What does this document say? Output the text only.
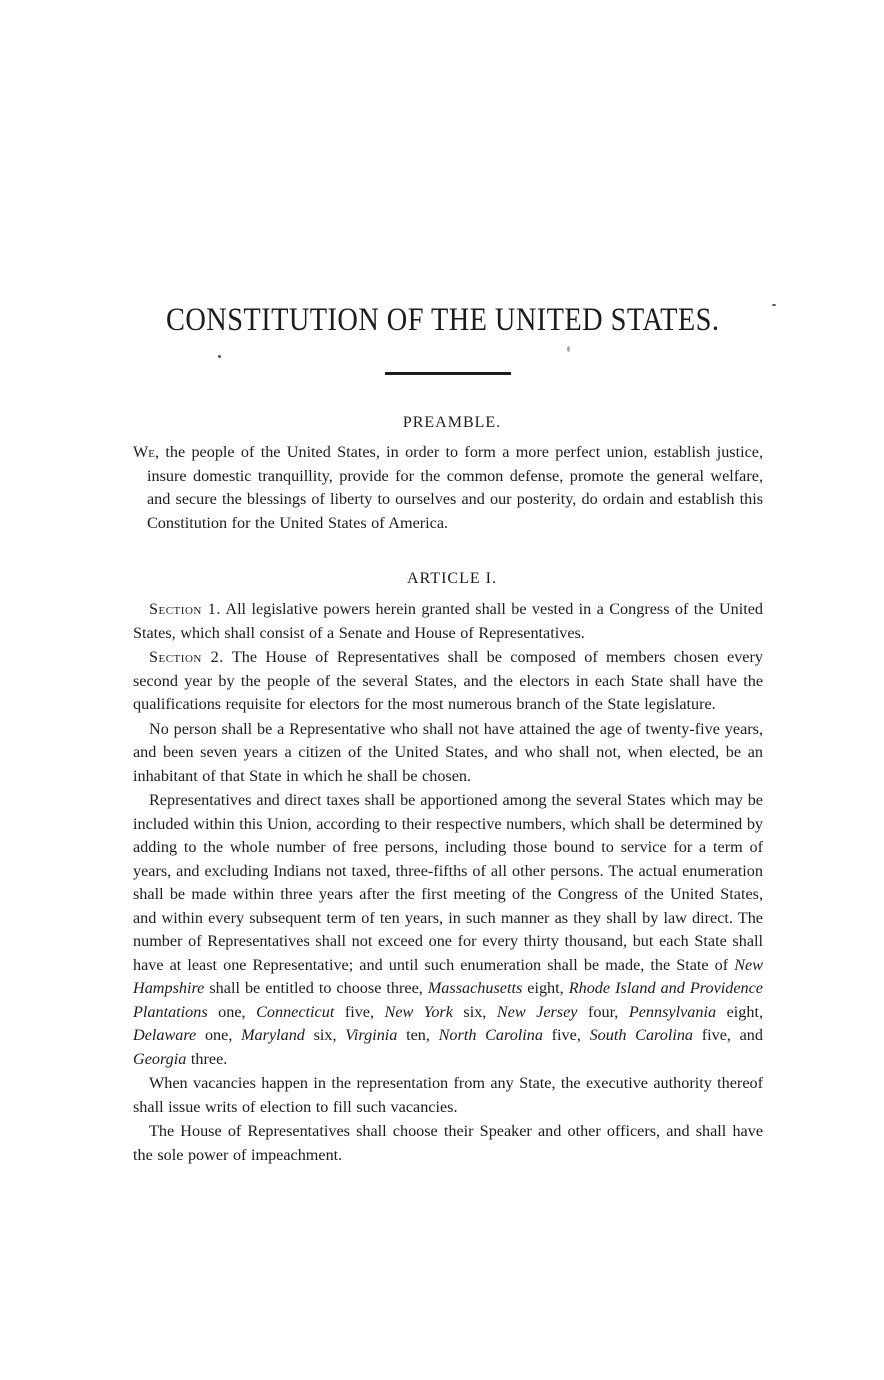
CONSTITUTION OF THE UNITED STATES.
PREAMBLE.

We, the people of the United States, in order to form a more perfect union, establish justice, insure domestic tranquillity, provide for the common defense, promote the general welfare, and secure the blessings of liberty to ourselves and our posterity, do ordain and establish this Constitution for the United States of America.

ARTICLE I.

Section 1. All legislative powers herein granted shall be vested in a Congress of the United States, which shall consist of a Senate and House of Representatives.

Section 2. The House of Representatives shall be composed of members chosen every second year by the people of the several States, and the electors in each State shall have the qualifications requisite for electors for the most numerous branch of the State legislature.

No person shall be a Representative who shall not have attained the age of twenty-five years, and been seven years a citizen of the United States, and who shall not, when elected, be an inhabitant of that State in which he shall be chosen.

Representatives and direct taxes shall be apportioned among the several States which may be included within this Union, according to their respective numbers, which shall be determined by adding to the whole number of free persons, including those bound to service for a term of years, and excluding Indians not taxed, three-fifths of all other persons. The actual enumeration shall be made within three years after the first meeting of the Congress of the United States, and within every subsequent term of ten years, in such manner as they shall by law direct. The number of Representatives shall not exceed one for every thirty thousand, but each State shall have at least one Representative; and until such enumeration shall be made, the State of New Hampshire shall be entitled to choose three, Massachusetts eight, Rhode Island and Providence Plantations one, Connecticut five, New York six, New Jersey four, Pennsylvania eight, Delaware one, Maryland six, Virginia ten, North Carolina five, South Carolina five, and Georgia three.

When vacancies happen in the representation from any State, the executive authority thereof shall issue writs of election to fill such vacancies.

The House of Representatives shall choose their Speaker and other officers, and shall have the sole power of impeachment.
